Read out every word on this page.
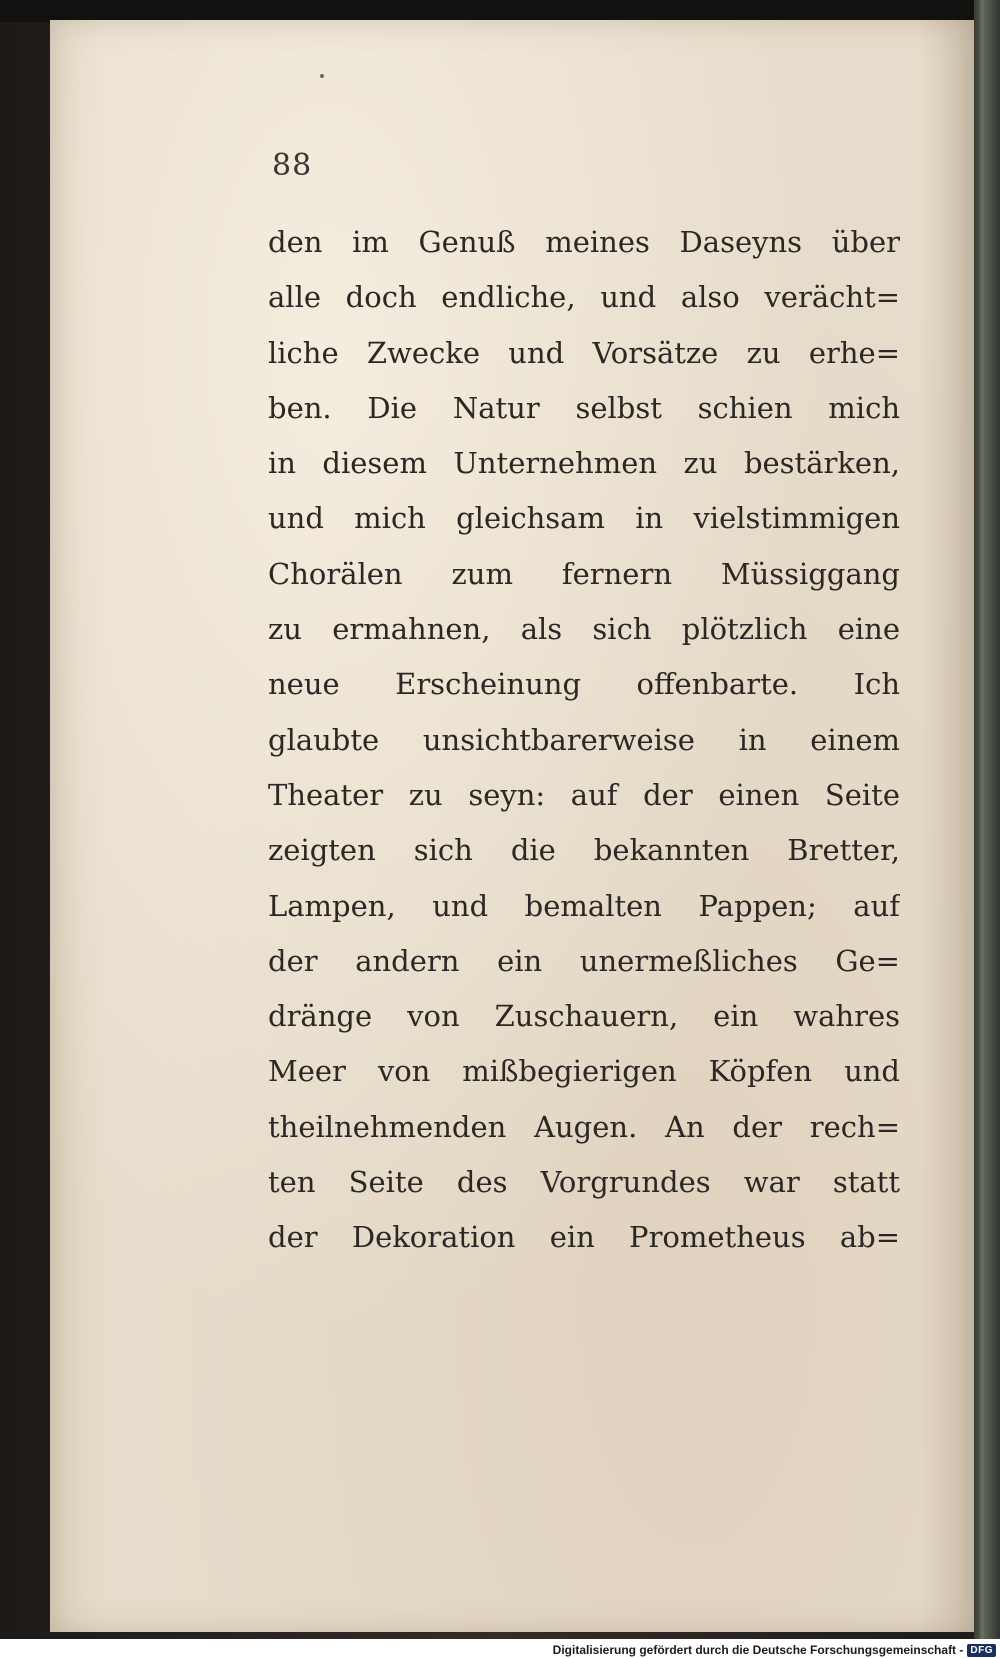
88
den im Genuß meines Daseyns über
alle doch endliche, und also verächt=
liche Zwecke und Vorsätze zu erhe=
ben. Die Natur selbst schien mich
in diesem Unternehmen zu bestärken,
und mich gleichsam in vielstimmigen
Chorälen zum fernern Müssiggang
zu ermahnen, als sich plötzlich eine
neue Erscheinung offenbarte. Ich
glaubte unsichtbarerweise in einem
Theater zu seyn: auf der einen Seite
zeigten sich die bekannten Bretter,
Lampen, und bemalten Pappen; auf
der andern ein unermeßliches Ge=
dränge von Zuschauern, ein wahres
Meer von mißbegierigen Köpfen und
theilnehmenden Augen. An der rech=
ten Seite des Vorgrundes war statt
der Dekoration ein Prometheus ab=
Digitalisierung gefördert durch die Deutsche Forschungsgemeinschaft - DFG
